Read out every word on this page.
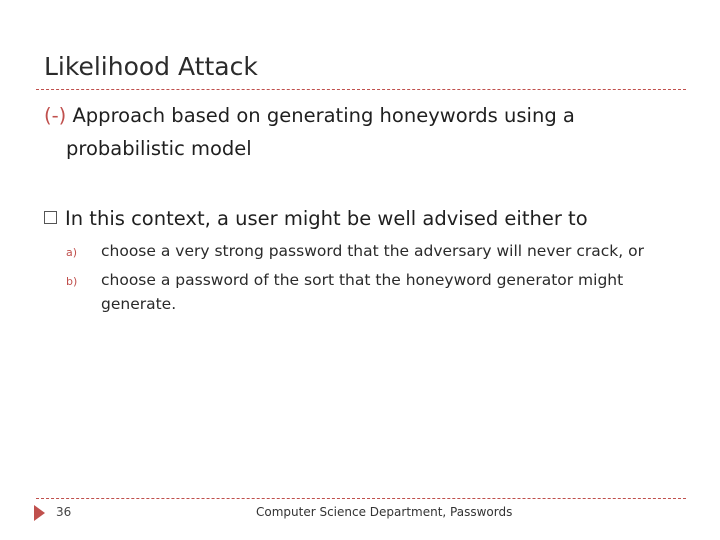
Likelihood Attack
(-) Approach based on generating honeywords using a
probabilistic model
In this context, a user might be well advised either to
a) choose a very strong password that the adversary will never crack, or
b) choose a password of the sort that the honeyword generator might
generate.
36	Computer Science Department, Passwords
